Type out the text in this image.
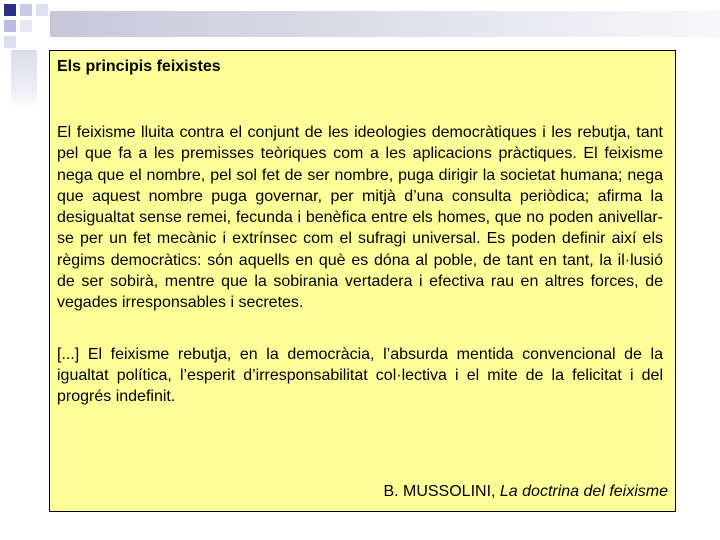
Els principis feixistes

El feixisme lluita contra el conjunt de les ideologies democràtiques i les rebutja, tant pel que fa a les premisses teòriques com a les aplicacions pràctiques. El feixisme nega que el nombre, pel sol fet de ser nombre, puga dirigir la societat humana; nega que aquest nombre puga governar, per mitjà d’una consulta periòdica; afirma la desigualtat sense remei, fecunda i benèfica entre els homes, que no poden anivellar-se per un fet mecànic i extrínsec com el sufragi universal. Es poden definir així els règims democràtics: són aquells en què es dóna al poble, de tant en tant, la il·lusió de ser sobirà, mentre que la sobirania vertadera i efectiva rau en altres forces, de vegades irresponsables i secretes.

[...] El feixisme rebutja, en la democràcia, l’absurda mentida convencional de la igualtat política, l’esperit d’irresponsabilitat col·lectiva i el mite de la felicitat i del progrés indefinit.

B. MUSSOLINI, La doctrina del feixisme
